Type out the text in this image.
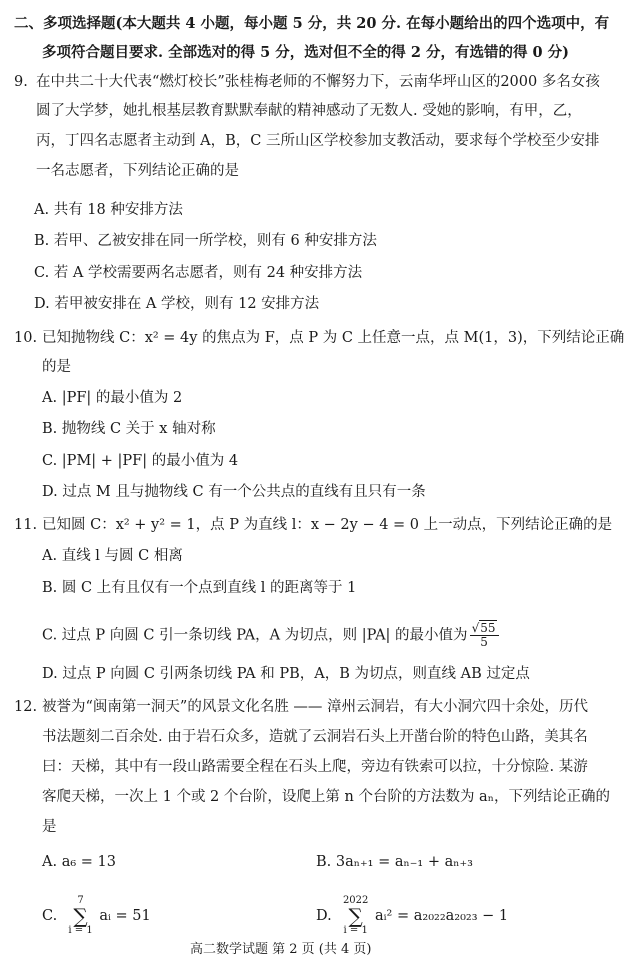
二、多项选择题(本大题共 4 小题，每小题 5 分，共 20 分. 在每小题给出的四个选项中，有
多项符合题目要求. 全部选对的得 5 分，选对但不全的得 2 分，有选错的得 0 分)
9. 在中共二十大代表“燃灯校长”张桂梅老师的不懈努力下，云南华坪山区的2000 多名女孩
圆了大学梦，她扎根基层教育默默奉献的精神感动了无数人. 受她的影响，有甲，乙，
丙，丁四名志愿者主动到 A，B，C 三所山区学校参加支教活动，要求每个学校至少安排
一名志愿者，下列结论正确的是
A. 共有 18 种安排方法
B. 若甲、乙被安排在同一所学校，则有 6 种安排方法
C. 若 A 学校需要两名志愿者，则有 24 种安排方法
D. 若甲被安排在 A 学校，则有 12 安排方法
10. 已知抛物线 C：x² = 4y 的焦点为 F，点 P 为 C 上任意一点，点 M(1，3)，下列结论正确
的是
A. |PF| 的最小值为 2
B. 抛物线 C 关于 x 轴对称
C. |PM| + |PF| 的最小值为 4
D. 过点 M 且与抛物线 C 有一个公共点的直线有且只有一条
11. 已知圆 C：x² + y² = 1，点 P 为直线 l：x − 2y − 4 = 0 上一动点，下列结论正确的是
A. 直线 l 与圆 C 相离
B. 圆 C 上有且仅有一个点到直线 l 的距离等于 1
C. 过点 P 向圆 C 引一条切线 PA，A 为切点，则 |PA| 的最小值为 $\frac{√55}{5}$
D. 过点 P 向圆 C 引两条切线 PA 和 PB，A，B 为切点，则直线 AB 过定点
12. 被誉为“闽南第一洞天”的风景文化名胜 —— 漳州云洞岩，有大小洞穴四十余处，历代
书法题刻二百余处. 由于岩石众多，造就了云洞岩石头上开凿台阶的特色山路，美其名
曰：天梯，其中有一段山路需要全程在石头上爬，旁边有铁索可以拉，十分惊险. 某游
客爬天梯，一次上 1 个或 2 个台阶，设爬上第 n 个台阶的方法数为 aₙ，下列结论正确的
是
A. a₆ = 13	B. 3aₙ₊₁ = aₙ₋₁ + aₙ₊₃
C.  7
∑
i = 1 aᵢ = 51	D.  2022
∑
i = 1 aᵢ² = a₂₀₂₂a₂₀₂₃ − 1
高二数学试题 第 2 页 (共 4 页)
